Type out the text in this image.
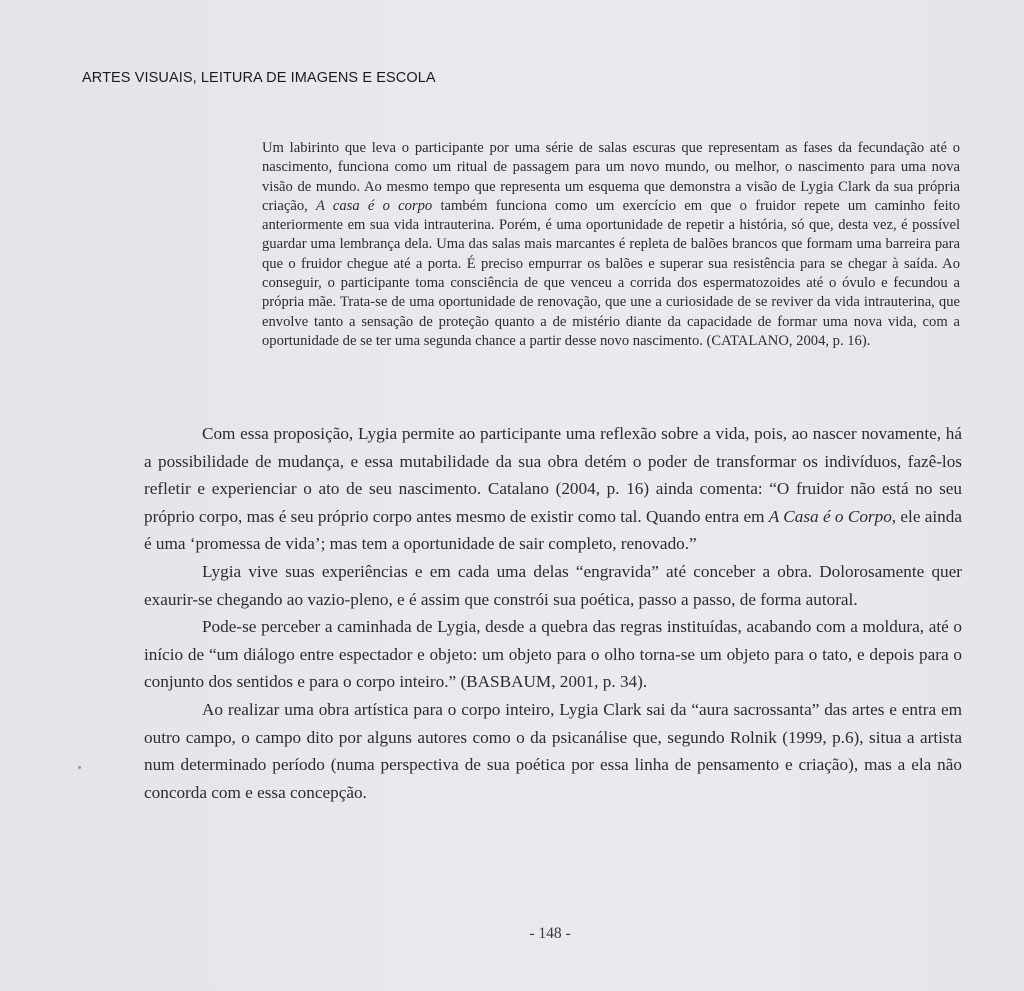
ARTES VISUAIS, LEITURA DE IMAGENS E ESCOLA

Um labirinto que leva o participante por uma série de salas escuras que representam as fases da fecundação até o nascimento, funciona como um ritual de passagem para um novo mundo, ou melhor, o nascimento para uma nova visão de mundo. Ao mesmo tempo que representa um esquema que demonstra a visão de Lygia Clark da sua própria criação, A casa é o corpo também funciona como um exercício em que o fruidor repete um caminho feito anteriormente em sua vida intrauterina. Porém, é uma oportunidade de repetir a história, só que, desta vez, é possível guardar uma lembrança dela. Uma das salas mais marcantes é repleta de balões brancos que formam uma barreira para que o fruidor chegue até a porta. É preciso empurrar os balões e superar sua resistência para se chegar à saída. Ao conseguir, o participante toma consciência de que venceu a corrida dos espermatozoides até o óvulo e fecundou a própria mãe. Trata-se de uma oportunidade de renovação, que une a curiosidade de se reviver da vida intrauterina, que envolve tanto a sensação de proteção quanto a de mistério diante da capacidade de formar uma nova vida, com a oportunidade de se ter uma segunda chance a partir desse novo nascimento. (CATALANO, 2004, p. 16).

Com essa proposição, Lygia permite ao participante uma reflexão sobre a vida, pois, ao nascer novamente, há a possibilidade de mudança, e essa mutabilidade da sua obra detém o poder de transformar os indivíduos, fazê-los refletir e experienciar o ato de seu nascimento. Catalano (2004, p. 16) ainda comenta: “O fruidor não está no seu próprio corpo, mas é seu próprio corpo antes mesmo de existir como tal. Quando entra em A Casa é o Corpo, ele ainda é uma ‘promessa de vida’; mas tem a oportunidade de sair completo, renovado.”

Lygia vive suas experiências e em cada uma delas “engravida” até conceber a obra. Dolorosamente quer exaurir-se chegando ao vazio-pleno, e é assim que constrói sua poética, passo a passo, de forma autoral.

Pode-se perceber a caminhada de Lygia, desde a quebra das regras instituídas, acabando com a moldura, até o início de “um diálogo entre espectador e objeto: um objeto para o olho torna-se um objeto para o tato, e depois para o conjunto dos sentidos e para o corpo inteiro.” (BASBAUM, 2001, p. 34).

Ao realizar uma obra artística para o corpo inteiro, Lygia Clark sai da “aura sacrossanta” das artes e entra em outro campo, o campo dito por alguns autores como o da psicanálise que, segundo Rolnik (1999, p.6), situa a artista num determinado período (numa perspectiva de sua poética por essa linha de pensamento e criação), mas a ela não concorda com e essa concepção.

- 148 -
